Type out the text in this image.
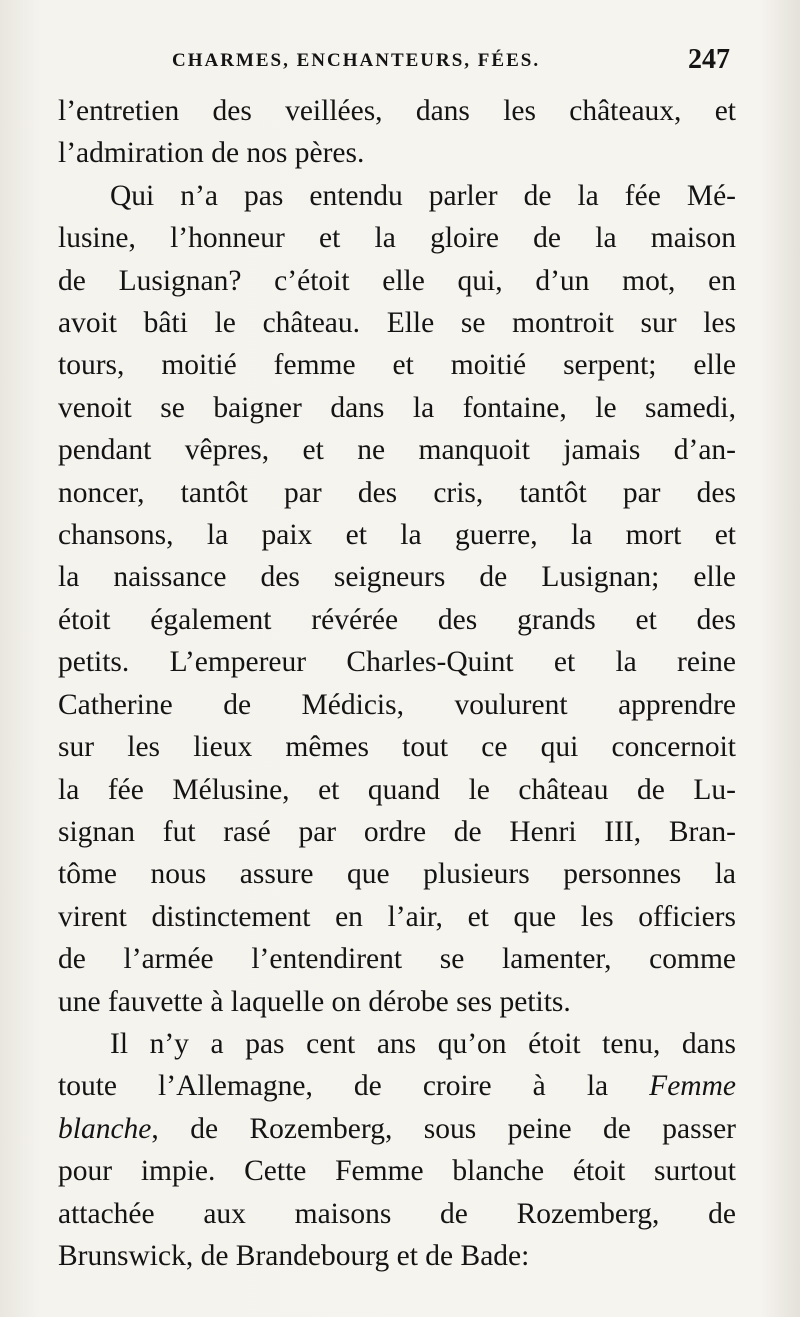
CHARMES, ENCHANTEURS, FÉES.	247
l’entretien des veillées, dans les châteaux, et
l’admiration de nos pères.
Qui n’a pas entendu parler de la fée Mé-
lusine, l’honneur et la gloire de la maison
de Lusignan? c’étoit elle qui, d’un mot, en
avoit bâti le château. Elle se montroit sur les
tours, moitié femme et moitié serpent; elle
venoit se baigner dans la fontaine, le samedi,
pendant vêpres, et ne manquoit jamais d’an-
noncer, tantôt par des cris, tantôt par des
chansons, la paix et la guerre, la mort et
la naissance des seigneurs de Lusignan; elle
étoit également révérée des grands et des
petits. L’empereur Charles-Quint et la reine
Catherine de Médicis, voulurent apprendre
sur les lieux mêmes tout ce qui concernoit
la fée Mélusine, et quand le château de Lu-
signan fut rasé par ordre de Henri III, Bran-
tôme nous assure que plusieurs personnes la
virent distinctement en l’air, et que les officiers
de l’armée l’entendirent se lamenter, comme
une fauvette à laquelle on dérobe ses petits.
Il n’y a pas cent ans qu’on étoit tenu, dans
toute l’Allemagne, de croire à la Femme
blanche, de Rozemberg, sous peine de passer
pour impie. Cette Femme blanche étoit surtout
attachée aux maisons de Rozemberg, de
Brunswick, de Brandebourg et de Bade:
